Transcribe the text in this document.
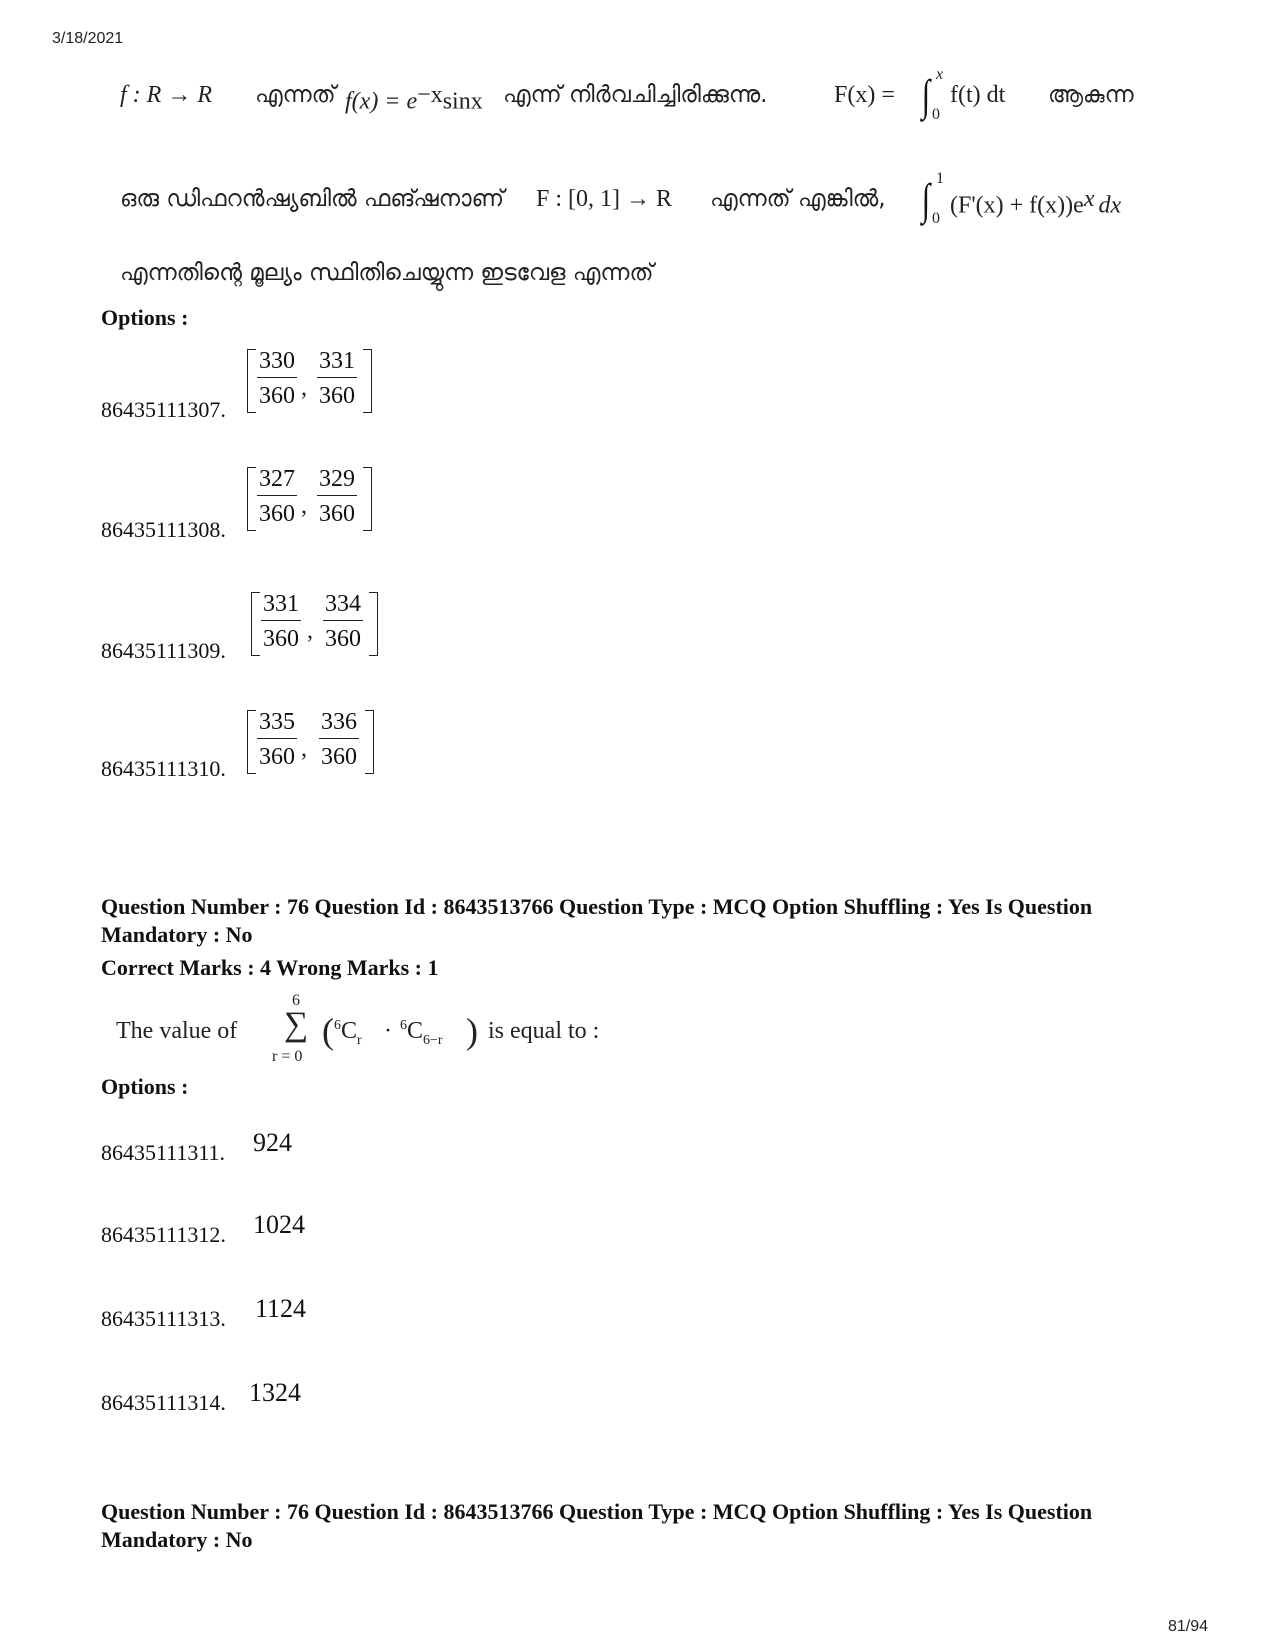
3/18/2021
81/94
f : R → R എന്നത് $f(x) = e^{-x}\sin x$ എന്ന് നിർവചിച്ചിരിക്കുന്നു.	F(x) = ∫ x
0
f(t) dt ആകുന്ന
ഒരു ഡിഫറൻഷ്യബിൽ ഫങ്ഷനാണ് F : [0, 1] → R എന്നത് എങ്കിൽ, ∫ 1
0
$(F'(x) + f(x))e^x$ dx
എന്നതിന്റെ മൂല്യം സ്ഥിതിചെയ്യുന്ന ഇടവേള എന്നത്
Options :
86435111307.
$\frac{330}{360}$ , $\frac{331}{360}$
86435111308.
$\frac{327}{360}$ , $\frac{329}{360}$
86435111309. $\frac{331}{360}$ , $\frac{334}{360}$
86435111310. $\frac{335}{360}$ , $\frac{336}{360}$
Question Number : 76 Question Id : 8643513766 Question Type : MCQ Option Shuffling : Yes Is Question Mandatory : No
Correct Marks : 4 Wrong Marks : 1
The value of
6
∑
r = 0
( $^6C_r \cdot ^6C_{6-r}$ ) is equal to :
Options :
86435111311. 924
86435111312. 1024
86435111313. 1124
86435111314. 1324
Question Number : 76 Question Id : 8643513766 Question Type : MCQ Option Shuffling : Yes Is Question Mandatory : No
